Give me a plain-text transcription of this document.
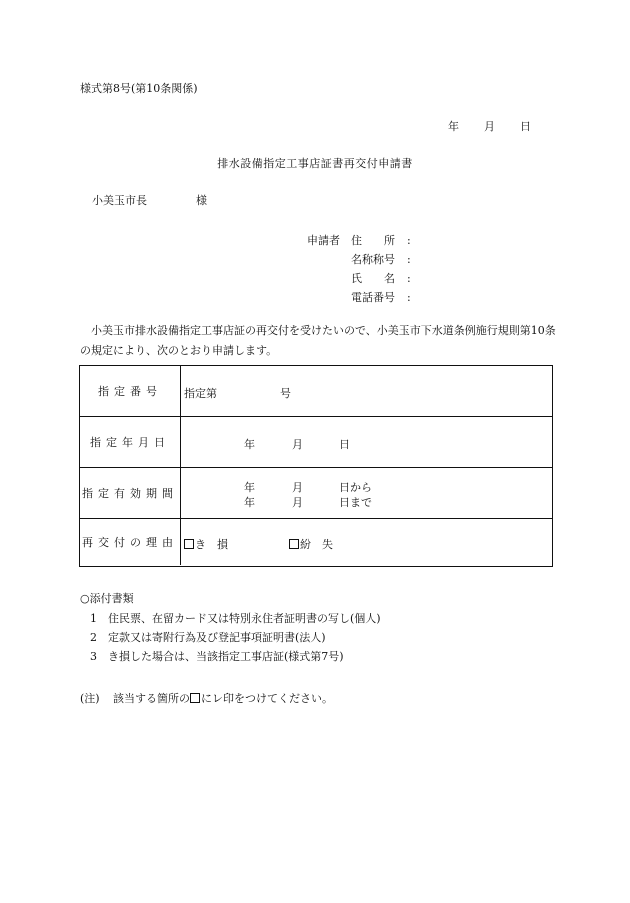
様式第8号(第10条関係)
年 月 日
排水設備指定工事店証書再交付申請書
小美玉市長	様
申請者 住　　所	:
名称称号	:
氏　　名	:
電話番号	:
小美玉市排水設備指定工事店証の再交付を受けたいので、小美玉市下水道条例施行規則第10条の規定により、次のとおり申請します。
指定番号	指定第	号
指定年月日	年	月	日
指定有効期間	年	月	日から
年	月	日まで
再交付の理由	き　損	紛　失
○添付書類
1 住民票、在留カード又は特別永住者証明書の写し(個人)
2 定款又は寄附行為及び登記事項証明書(法人)
3 き損した場合は、当該指定工事店証(様式第7号)
(注) 該当する箇所の にレ印をつけてください。
